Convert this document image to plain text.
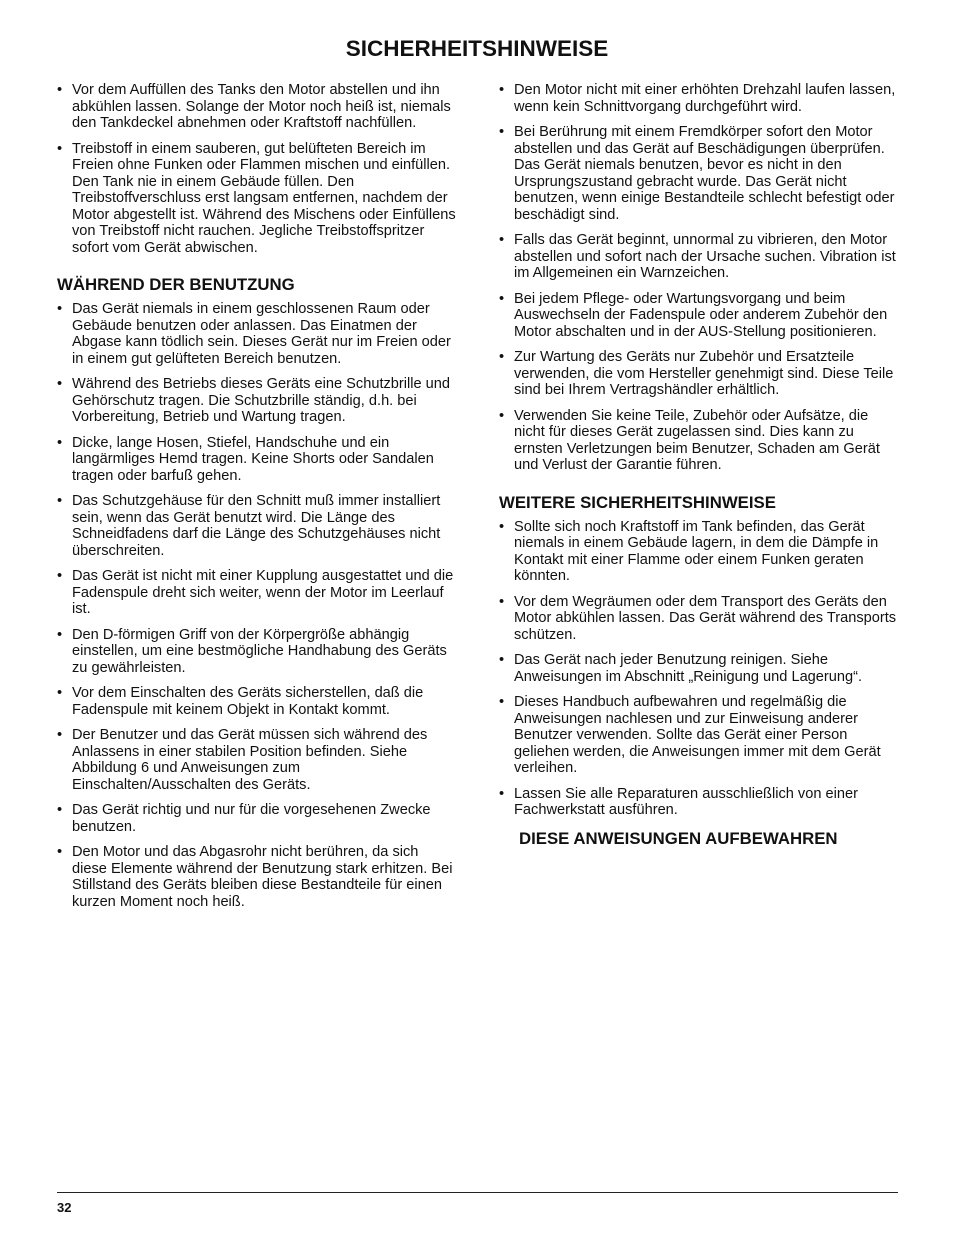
SICHERHEITSHINWEISE
• Vor dem Auffüllen des Tanks den Motor abstellen und ihn abkühlen lassen. Solange der Motor noch heiß ist, niemals den Tankdeckel abnehmen oder Kraftstoff nachfüllen.
• Treibstoff in einem sauberen, gut belüfteten Bereich im Freien ohne Funken oder Flammen mischen und einfüllen. Den Tank nie in einem Gebäude füllen. Den Treibstoffverschluss erst langsam entfernen, nachdem der Motor abgestellt ist. Während des Mischens oder Einfüllens von Treibstoff nicht rauchen. Jegliche Treibstoffspritzer sofort vom Gerät abwischen.
WÄHREND DER BENUTZUNG
• Das Gerät niemals in einem geschlossenen Raum oder Gebäude benutzen oder anlassen. Das Einatmen der Abgase kann tödlich sein. Dieses Gerät nur im Freien oder in einem gut gelüfteten Bereich benutzen.
• Während des Betriebs dieses Geräts eine Schutzbrille und Gehörschutz tragen. Die Schutzbrille ständig, d.h. bei Vorbereitung, Betrieb und Wartung tragen.
• Dicke, lange Hosen, Stiefel, Handschuhe und ein langärmliges Hemd tragen. Keine Shorts oder Sandalen tragen oder barfuß gehen.
• Das Schutzgehäuse für den Schnitt muß immer installiert sein, wenn das Gerät benutzt wird. Die Länge des Schneidfadens darf die Länge des Schutzgehäuses nicht überschreiten.
• Das Gerät ist nicht mit einer Kupplung ausgestattet und die Fadenspule dreht sich weiter, wenn der Motor im Leerlauf ist.
• Den D-förmigen Griff von der Körpergröße abhängig einstellen, um eine bestmögliche Handhabung des Geräts zu gewährleisten.
• Vor dem Einschalten des Geräts sicherstellen, daß die Fadenspule mit keinem Objekt in Kontakt kommt.
• Der Benutzer und das Gerät müssen sich während des Anlassens in einer stabilen Position befinden. Siehe Abbildung 6 und Anweisungen zum Einschalten/Ausschalten des Geräts.
• Das Gerät richtig und nur für die vorgesehenen Zwecke benutzen.
• Den Motor und das Abgasrohr nicht berühren, da sich diese Elemente während der Benutzung stark erhitzen. Bei Stillstand des Geräts bleiben diese Bestandteile für einen kurzen Moment noch heiß.
• Den Motor nicht mit einer erhöhten Drehzahl laufen lassen, wenn kein Schnittvorgang durchgeführt wird.
• Bei Berührung mit einem Fremdkörper sofort den Motor abstellen und das Gerät auf Beschädigungen überprüfen. Das Gerät niemals benutzen, bevor es nicht in den Ursprungszustand gebracht wurde. Das Gerät nicht benutzen, wenn einige Bestandteile schlecht befestigt oder beschädigt sind.
• Falls das Gerät beginnt, unnormal zu vibrieren, den Motor abstellen und sofort nach der Ursache suchen. Vibration ist im Allgemeinen ein Warnzeichen.
• Bei jedem Pflege- oder Wartungsvorgang und beim Auswechseln der Fadenspule oder anderem Zubehör den Motor abschalten und in der AUS-Stellung positionieren.
• Zur Wartung des Geräts nur Zubehör und Ersatzteile verwenden, die vom Hersteller genehmigt sind. Diese Teile sind bei Ihrem Vertragshändler erhältlich.
• Verwenden Sie keine Teile, Zubehör oder Aufsätze, die nicht für dieses Gerät zugelassen sind. Dies kann zu ernsten Verletzungen beim Benutzer, Schaden am Gerät und Verlust der Garantie führen.
WEITERE SICHERHEITSHINWEISE
• Sollte sich noch Kraftstoff im Tank befinden, das Gerät niemals in einem Gebäude lagern, in dem die Dämpfe in Kontakt mit einer Flamme oder einem Funken geraten könnten.
• Vor dem Wegräumen oder dem Transport des Geräts den Motor abkühlen lassen. Das Gerät während des Transports schützen.
• Das Gerät nach jeder Benutzung reinigen. Siehe Anweisungen im Abschnitt „Reinigung und Lagerung“.
• Dieses Handbuch aufbewahren und regelmäßig die Anweisungen nachlesen und zur Einweisung anderer Benutzer verwenden. Sollte das Gerät einer Person geliehen werden, die Anweisungen immer mit dem Gerät verleihen.
• Lassen Sie alle Reparaturen ausschließlich von einer Fachwerkstatt ausführen.
DIESE ANWEISUNGEN AUFBEWAHREN
32
